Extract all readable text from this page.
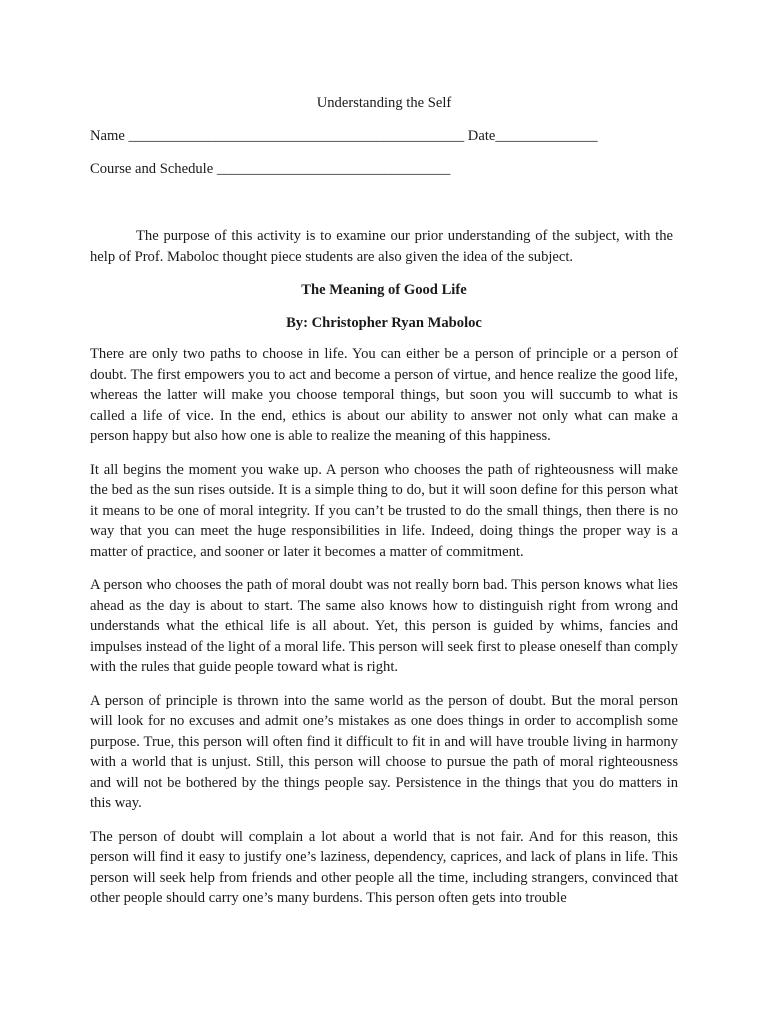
Understanding the Self
Name ______________________________________________ Date______________
Course and Schedule ________________________________

The purpose of this activity is to examine our prior understanding of the subject, with the help of Prof. Maboloc thought piece students are also given the idea of the subject.

The Meaning of Good Life
By: Christopher Ryan Maboloc

There are only two paths to choose in life. You can either be a person of principle or a person of doubt. The first empowers you to act and become a person of virtue, and hence realize the good life, whereas the latter will make you choose temporal things, but soon you will succumb to what is called a life of vice. In the end, ethics is about our ability to answer not only what can make a person happy but also how one is able to realize the meaning of this happiness.

It all begins the moment you wake up. A person who chooses the path of righteousness will make the bed as the sun rises outside. It is a simple thing to do, but it will soon define for this person what it means to be one of moral integrity. If you can’t be trusted to do the small things, then there is no way that you can meet the huge responsibilities in life. Indeed, doing things the proper way is a matter of practice, and sooner or later it becomes a matter of commitment.

A person who chooses the path of moral doubt was not really born bad. This person knows what lies ahead as the day is about to start. The same also knows how to distinguish right from wrong and understands what the ethical life is all about. Yet, this person is guided by whims, fancies and impulses instead of the light of a moral life. This person will seek first to please oneself than comply with the rules that guide people toward what is right.

A person of principle is thrown into the same world as the person of doubt. But the moral person will look for no excuses and admit one’s mistakes as one does things in order to accomplish some purpose. True, this person will often find it difficult to fit in and will have trouble living in harmony with a world that is unjust. Still, this person will choose to pursue the path of moral righteousness and will not be bothered by the things people say. Persistence in the things that you do matters in this way.

The person of doubt will complain a lot about a world that is not fair. And for this reason, this person will find it easy to justify one’s laziness, dependency, caprices, and lack of plans in life. This person will seek help from friends and other people all the time, including strangers, convinced that other people should carry one’s many burdens. This person often gets into trouble
